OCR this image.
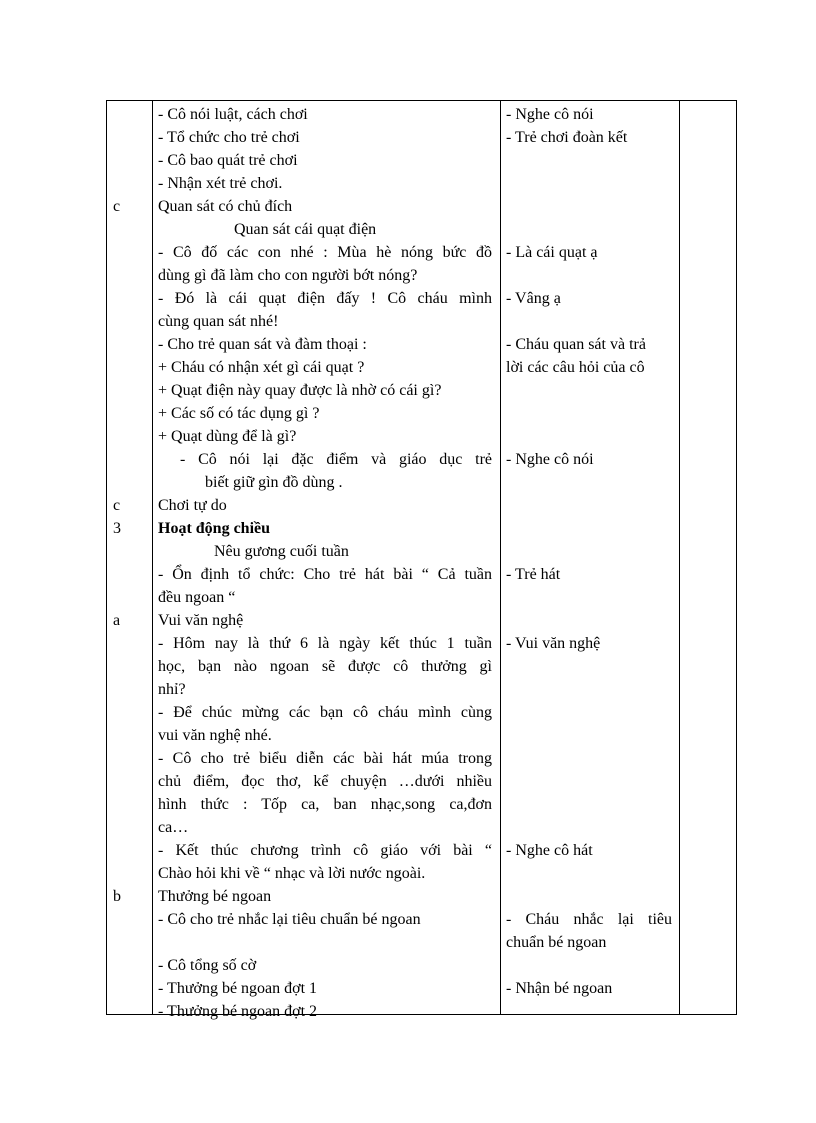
c
c
3
a
b
- Cô nói luật, cách chơi
- Tổ chức cho trẻ chơi
- Cô bao quát trẻ chơi
- Nhận xét trẻ chơi.
Quan sát có chủ đích
Quan sát cái quạt điện
- Cô đố các con nhé : Mùa hè nóng bức đồ
dùng gì đã làm cho con người bớt nóng?
- Đó là cái quạt điện đấy ! Cô cháu mình
cùng quan sát nhé!
- Cho trẻ quan sát và đàm thoại :
+ Cháu có nhận xét gì cái quạt ?
+ Quạt điện này quay được là nhờ có cái gì?
+ Các số có tác dụng gì ?
+ Quạt dùng để là gì?
- Cô nói lại đặc điểm và giáo dục trẻ
biết giữ gìn đồ dùng .
Chơi tự do
Hoạt động chiều
Nêu gương cuối tuần
- Ổn định tổ chức: Cho trẻ hát bài “ Cả tuần
đều ngoan “
Vui văn nghệ
- Hôm nay là thứ 6 là ngày kết thúc 1 tuần
học, bạn nào ngoan sẽ được cô thưởng gì
nhỉ?
- Để chúc mừng các bạn cô cháu mình cùng
vui văn nghệ nhé.
- Cô cho trẻ biểu diễn các bài hát múa trong
chủ điểm, đọc thơ, kể chuyện …dưới nhiều
hình thức : Tốp ca, ban nhạc,song ca,đơn
ca…
- Kết thúc chương trình cô giáo với bài “
Chào hỏi khi về “ nhạc và lời nước ngoài.
Thưởng bé ngoan
- Cô cho trẻ nhắc lại tiêu chuẩn bé ngoan
- Cô tổng số cờ
- Thưởng bé ngoan đợt 1
- Thưởng bé ngoan đợt 2
- Nghe cô nói
- Trẻ chơi đoàn kết
- Là cái quạt ạ
- Vâng ạ
- Cháu quan sát và trả
lời các câu hỏi của cô
- Nghe cô nói
- Trẻ hát
- Vui văn nghệ
- Nghe cô hát
- Cháu nhắc lại tiêu
chuẩn bé ngoan
- Nhận bé ngoan
